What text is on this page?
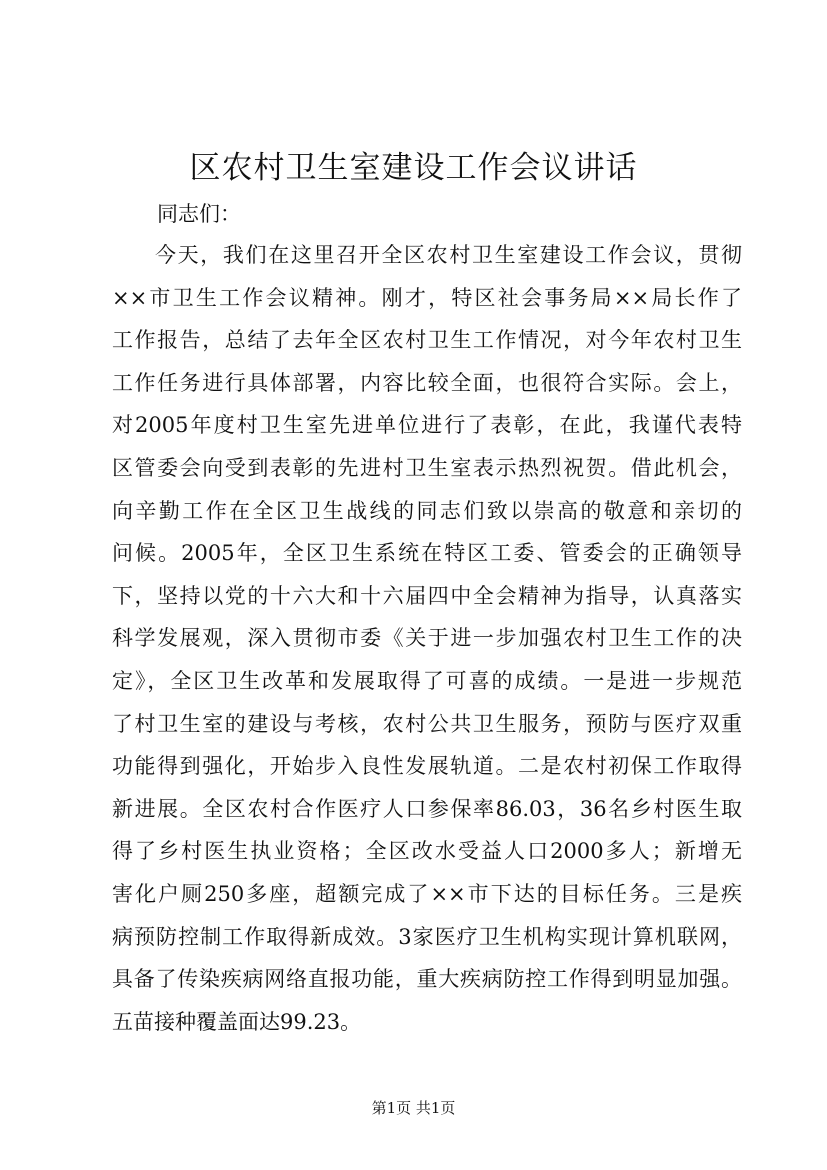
区农村卫生室建设工作会议讲话
同志们：
今天，我们在这里召开全区农村卫生室建设工作会议，贯彻
××市卫生工作会议精神。刚才，特区社会事务局××局长作了
工作报告，总结了去年全区农村卫生工作情况，对今年农村卫生
工作任务进行具体部署，内容比较全面，也很符合实际。会上，
对2005年度村卫生室先进单位进行了表彰，在此，我谨代表特
区管委会向受到表彰的先进村卫生室表示热烈祝贺。借此机会，
向辛勤工作在全区卫生战线的同志们致以崇高的敬意和亲切的
问候。2005年，全区卫生系统在特区工委、管委会的正确领导
下，坚持以党的十六大和十六届四中全会精神为指导，认真落实
科学发展观，深入贯彻市委《关于进一步加强农村卫生工作的决
定》，全区卫生改革和发展取得了可喜的成绩。一是进一步规范
了村卫生室的建设与考核，农村公共卫生服务，预防与医疗双重
功能得到强化，开始步入良性发展轨道。二是农村初保工作取得
新进展。全区农村合作医疗人口参保率86.03，36名乡村医生取
得了乡村医生执业资格；全区改水受益人口2000多人；新增无
害化户厕250多座，超额完成了××市下达的目标任务。三是疾
病预防控制工作取得新成效。3家医疗卫生机构实现计算机联网，
具备了传染疾病网络直报功能，重大疾病防控工作得到明显加强。
五苗接种覆盖面达99.23。
第1页 共1页
